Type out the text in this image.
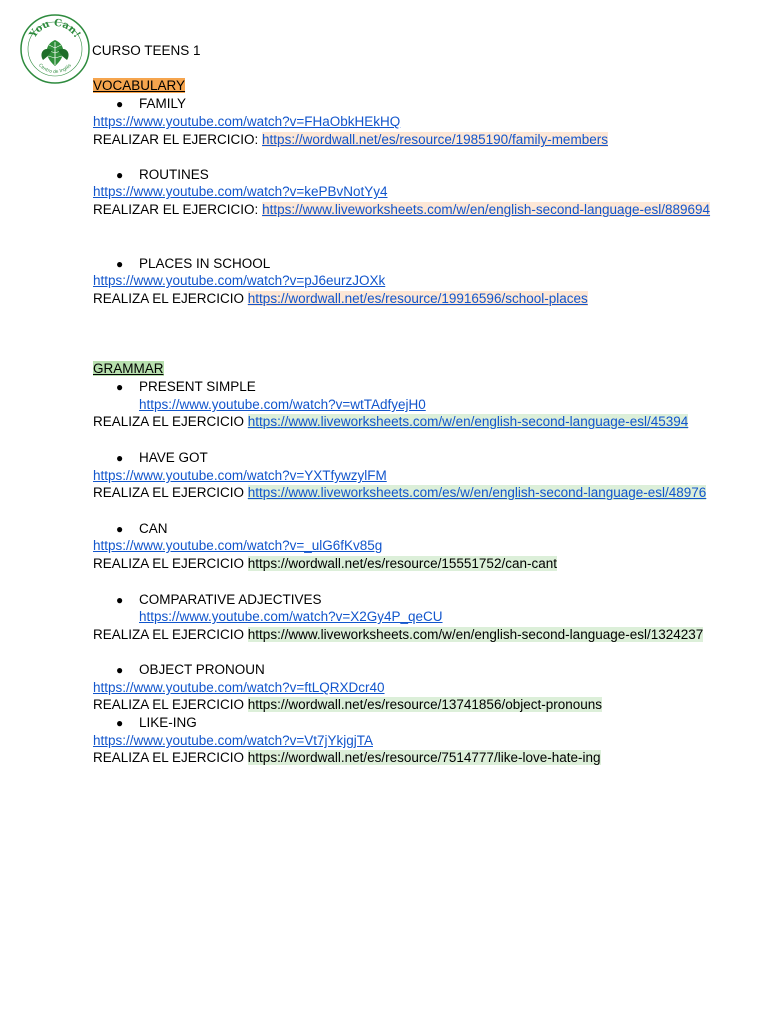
You Can!
Centro de Inglés
CURSO TEENS 1
VOCABULARY
● FAMILY
https://www.youtube.com/watch?v=FHaObkHEkHQ
REALIZAR EL EJERCICIO: https://wordwall.net/es/resource/1985190/family-members
● ROUTINES
https://www.youtube.com/watch?v=kePBvNotYy4
REALIZAR EL EJERCICIO: https://www.liveworksheets.com/w/en/english-second-language-esl/889694
● PLACES IN SCHOOL
https://www.youtube.com/watch?v=pJ6eurzJOXk
REALIZA EL EJERCICIO https://wordwall.net/es/resource/19916596/school-places
GRAMMAR
● PRESENT SIMPLE
https://www.youtube.com/watch?v=wtTAdfyejH0
REALIZA EL EJERCICIO https://www.liveworksheets.com/w/en/english-second-language-esl/45394
● HAVE GOT
https://www.youtube.com/watch?v=YXTfywzylFM
REALIZA EL EJERCICIO https://www.liveworksheets.com/es/w/en/english-second-language-esl/48976
● CAN
https://www.youtube.com/watch?v=_ulG6fKv85g
REALIZA EL EJERCICIO https://wordwall.net/es/resource/15551752/can-cant
● COMPARATIVE ADJECTIVES
https://www.youtube.com/watch?v=X2Gy4P_qeCU
REALIZA EL EJERCICIO https://www.liveworksheets.com/w/en/english-second-language-esl/1324237
● OBJECT PRONOUN
https://www.youtube.com/watch?v=ftLQRXDcr40
REALIZA EL EJERCICIO https://wordwall.net/es/resource/13741856/object-pronouns
● LIKE-ING
https://www.youtube.com/watch?v=Vt7jYkjgjTA
REALIZA EL EJERCICIO https://wordwall.net/es/resource/7514777/like-love-hate-ing
